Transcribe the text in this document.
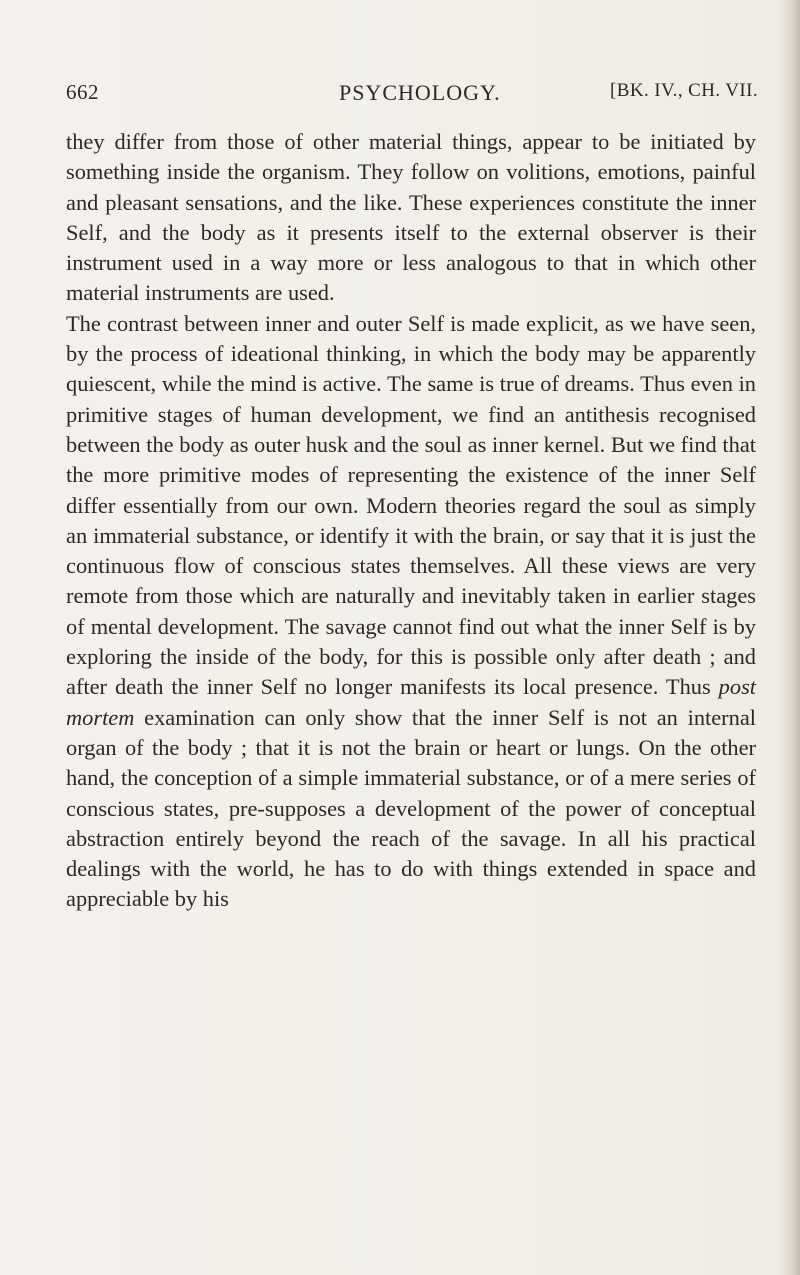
662	PSYCHOLOGY.	[BK. IV., CH. VII.

they differ from those of other material things, appear to be initiated by something inside the organism. They follow on volitions, emotions, painful and pleasant sensations, and the like. These experiences constitute the inner Self, and the body as it presents itself to the external observer is their instrument used in a way more or less analogous to that in which other material instruments are used.

The contrast between inner and outer Self is made explicit, as we have seen, by the process of ideational thinking, in which the body may be apparently quiescent, while the mind is active. The same is true of dreams. Thus even in primitive stages of human development, we find an antithesis recognised between the body as outer husk and the soul as inner kernel. But we find that the more primitive modes of representing the existence of the inner Self differ essentially from our own. Modern theories regard the soul as simply an immaterial substance, or identify it with the brain, or say that it is just the continuous flow of conscious states themselves. All these views are very remote from those which are naturally and inevitably taken in earlier stages of mental development. The savage cannot find out what the inner Self is by exploring the inside of the body, for this is possible only after death ; and after death the inner Self no longer manifests its local presence. Thus post mortem examination can only show that the inner Self is not an internal organ of the body ; that it is not the brain or heart or lungs. On the other hand, the conception of a simple immaterial substance, or of a mere series of conscious states, pre-supposes a development of the power of conceptual abstraction entirely beyond the reach of the savage. In all his practical dealings with the world, he has to do with things extended in space and appreciable by his
